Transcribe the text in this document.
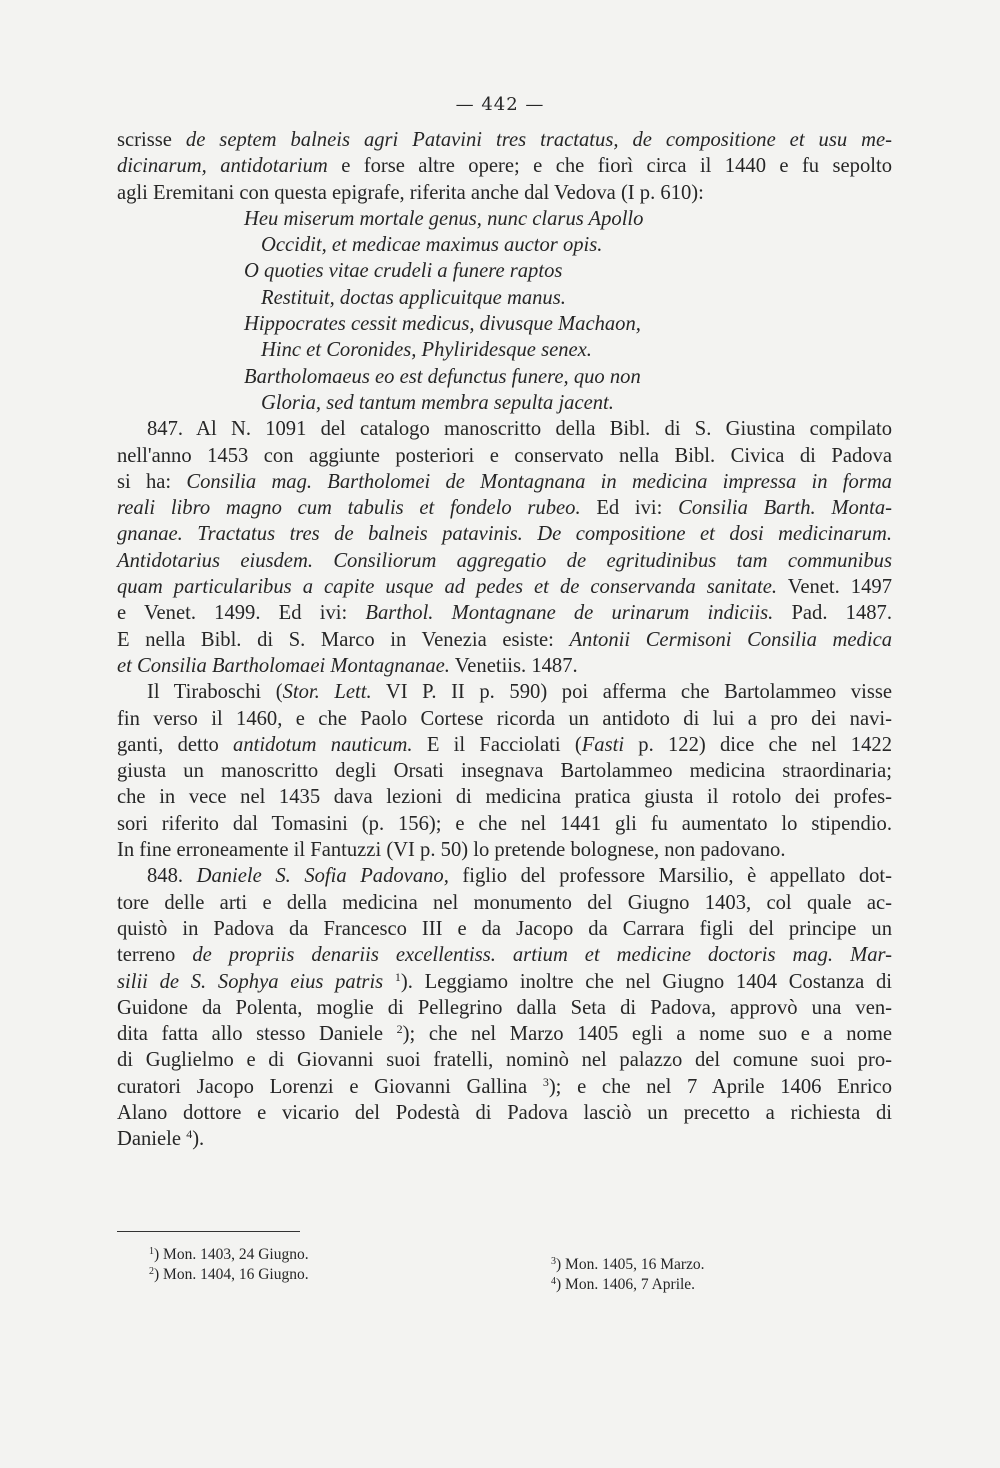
— 442 —
scrisse de septem balneis agri Patavini tres tractatus, de compositione et usu me-
dicinarum, antidotarium e forse altre opere; e che fiorì circa il 1440 e fu sepolto
agli Eremitani con questa epigrafe, riferita anche dal Vedova (I p. 610):
Heu miserum mortale genus, nunc clarus Apollo
Occidit, et medicae maximus auctor opis.
O quoties vitae crudeli a funere raptos
Restituit, doctas applicuitque manus.
Hippocrates cessit medicus, divusque Machaon,
Hinc et Coronides, Phyliridesque senex.
Bartholomaeus eo est defunctus funere, quo non
Gloria, sed tantum membra sepulta jacent.
847. Al N. 1091 del catalogo manoscritto della Bibl. di S. Giustina compilato
nell'anno 1453 con aggiunte posteriori e conservato nella Bibl. Civica di Padova
si ha: Consilia mag. Bartholomei de Montagnana in medicina impressa in forma
reali libro magno cum tabulis et fondelo rubeo. Ed ivi: Consilia Barth. Monta-
gnanae. Tractatus tres de balneis patavinis. De compositione et dosi medicinarum.
Antidotarius eiusdem. Consiliorum aggregatio de egritudinibus tam communibus
quam particularibus a capite usque ad pedes et de conservanda sanitate. Venet. 1497
e Venet. 1499. Ed ivi: Barthol. Montagnane de urinarum indiciis. Pad. 1487.
E nella Bibl. di S. Marco in Venezia esiste: Antonii Cermisoni Consilia medica
et Consilia Bartholomaei Montagnanae. Venetiis. 1487.
Il Tiraboschi (Stor. Lett. VI P. II p. 590) poi afferma che Bartolammeo visse
fin verso il 1460, e che Paolo Cortese ricorda un antidoto di lui a pro dei navi-
ganti, detto antidotum nauticum. E il Facciolati (Fasti p. 122) dice che nel 1422
giusta un manoscritto degli Orsati insegnava Bartolammeo medicina straordinaria;
che in vece nel 1435 dava lezioni di medicina pratica giusta il rotolo dei profes-
sori riferito dal Tomasini (p. 156); e che nel 1441 gli fu aumentato lo stipendio.
In fine erroneamente il Fantuzzi (VI p. 50) lo pretende bolognese, non padovano.
848. Daniele S. Sofia Padovano, figlio del professore Marsilio, è appellato dot-
tore delle arti e della medicina nel monumento del Giugno 1403, col quale ac-
quistò in Padova da Francesco III e da Jacopo da Carrara figli del principe un
terreno de propriis denariis excellentiss. artium et medicine doctoris mag. Mar-
silii de S. Sophya eius patris $^1$). Leggiamo inoltre che nel Giugno 1404 Costanza di
Guidone da Polenta, moglie di Pellegrino dalla Seta di Padova, approvò una ven-
dita fatta allo stesso Daniele $^2$); che nel Marzo 1405 egli a nome suo e a nome
di Guglielmo e di Giovanni suoi fratelli, nominò nel palazzo del comune suoi pro-
curatori Jacopo Lorenzi e Giovanni Gallina $^3$); e che nel 7 Aprile 1406 Enrico
Alano dottore e vicario del Podestà di Padova lasciò un precetto a richiesta di
Daniele $^4$).
$^1$) Mon. 1403, 24 Giugno.
$^2$) Mon. 1404, 16 Giugno.
$^3$) Mon. 1405, 16 Marzo.
$^4$) Mon. 1406, 7 Aprile.
